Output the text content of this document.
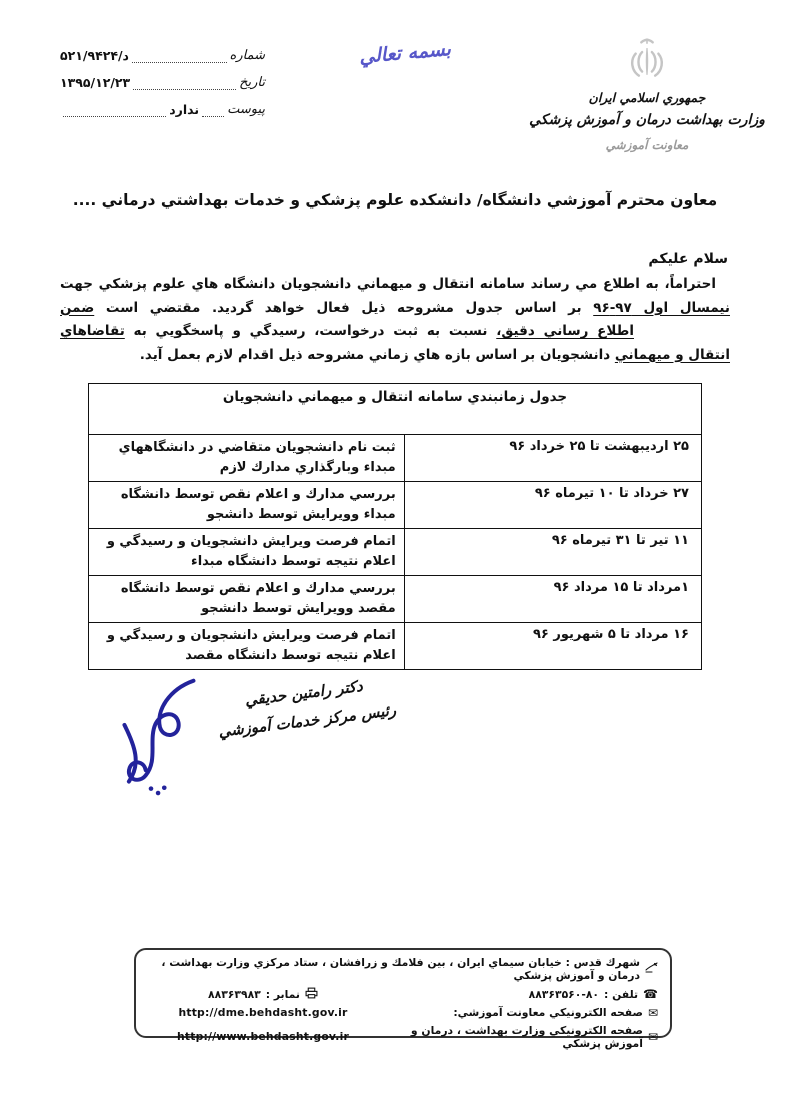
بسمه تعالي
جمهوري اسلامي ايران
وزارت بهداشت درمان و آموزش پزشكي
معاونت آموزشي
شماره
د/۵۲۱/۹۴۲۴
تاريخ
۱۳۹۵/۱۲/۲۳
پيوست
ندارد
معاون محترم آموزشي دانشگاه/ دانشكده علوم پزشكي و خدمات بهداشتي درماني ....
سلام عليكم
احتراماً، به اطلاع مي رساند سامانه انتقال و ميهماني دانشجويان دانشگاه هاي علوم پزشكي جهت نيمسال اول ۹۷-۹۶ بر اساس جدول مشروحه ذيل فعال خواهد گرديد. مقتضي است ضمناطلاع رساني دقيق، نسبت به ثبت درخواست، رسيدگي و پاسخگويي به تقاضاهاي انتقال و ميهماني دانشجويان بر اساس بازه هاي زماني مشروحه ذيل اقدام لازم بعمل آيد.
جدول زمانبندي سامانه انتقال و ميهماني دانشجويان	
۲۵ ارديبهشت تا ۲۵ خرداد ۹۶	ثبت نام دانشجويان متقاضي در دانشگاههاي مبداء وبارگذاري مدارك لازم
۲۷ خرداد تا ۱۰ تيرماه ۹۶	بررسي مدارك و اعلام نقص توسط دانشگاه مبداء وويرايش توسط دانشجو
۱۱ تير تا ۳۱ تيرماه ۹۶	اتمام فرصت ويرايش دانشجويان و رسيدگي و اعلام نتيجه توسط دانشگاه مبداء
۱مرداد تا ۱۵ مرداد ۹۶	بررسي مدارك و اعلام نقص توسط دانشگاه مقصد وويرايش توسط دانشجو
۱۶ مرداد تا ۵ شهريور ۹۶	اتمام فرصت ويرايش دانشجويان و رسيدگي و اعلام نتيجه توسط دانشگاه مقصد
دكتر رامتين حديقي
رئيس مركز خدمات آموزشي
شهرك قدس : خيابان سيماي ايران ، بين فلامك و زرافشان ، ستاد مركزي وزارت بهداشت ، درمان و آموزش پزشكي
☎
تلفن :
۸۸۳۶۳۵۶۰-۸۰
نمابر :
۸۸۳۶۳۹۸۳
✉
صفحه الكترونيكي معاونت آموزشي:
http://dme.behdasht.gov.ir
✉
صفحه الكترونيكي وزارت بهداشت ، درمان و آموزش پزشكي
http://www.behdasht.gov.ir
